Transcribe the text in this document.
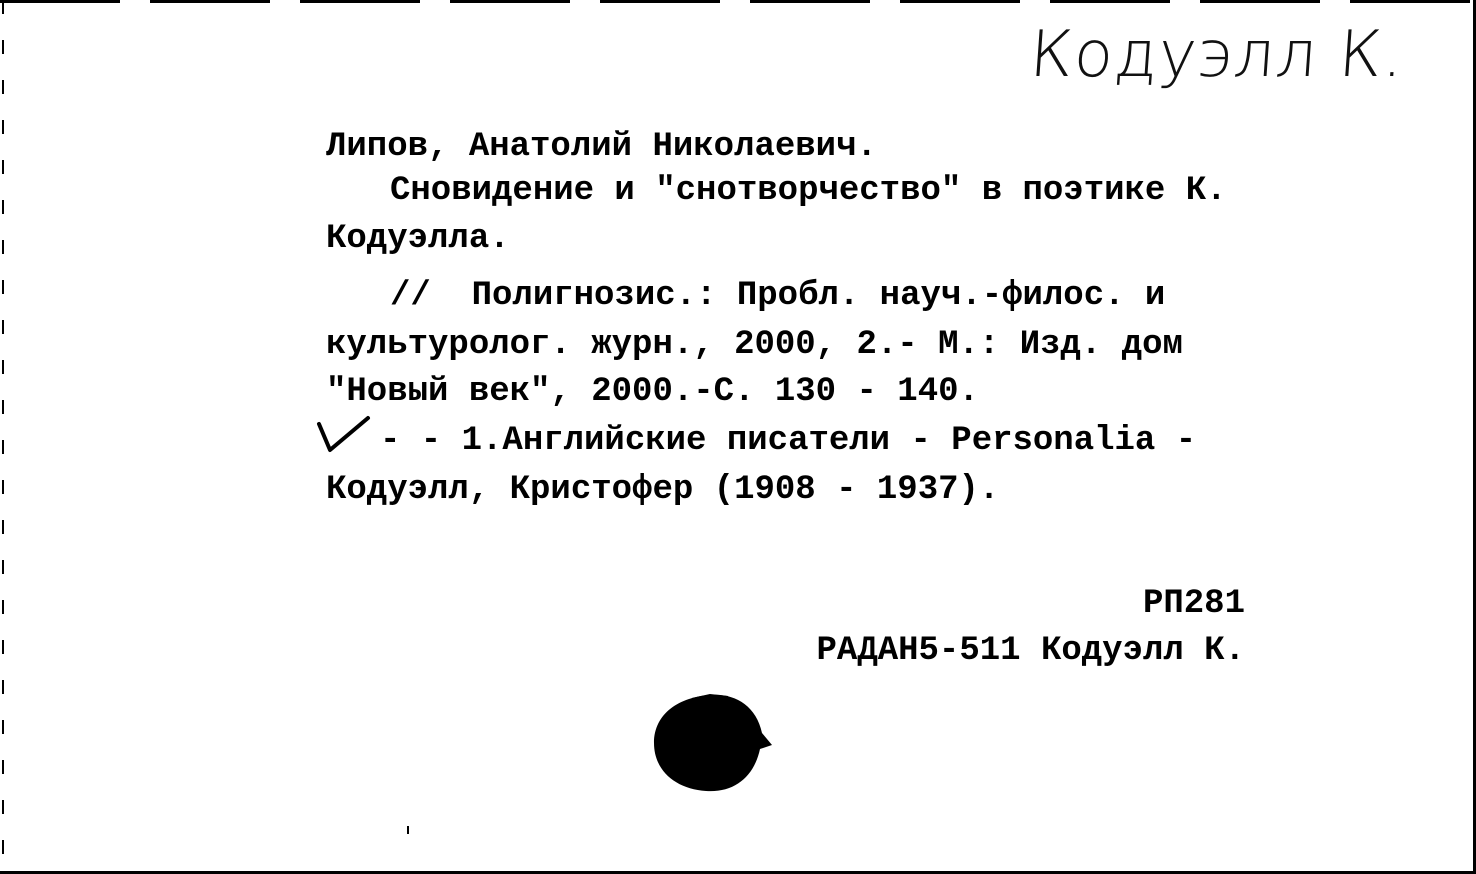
Кодуэлл К.
Липов, Анатолий Николаевич.
Сновидение и "снотворчество" в поэтике К.
Кодуэлла.
//  Полигнозис.: Пробл. науч.-филос. и
культуролог. журн., 2000, 2.- М.: Изд. дом
"Новый век", 2000.-С. 130 - 140.
- - 1.Английские писатели - Personalia -
Кодуэлл, Кристофер (1908 - 1937).
РП281
РАДАН5-511 Кодуэлл К.
